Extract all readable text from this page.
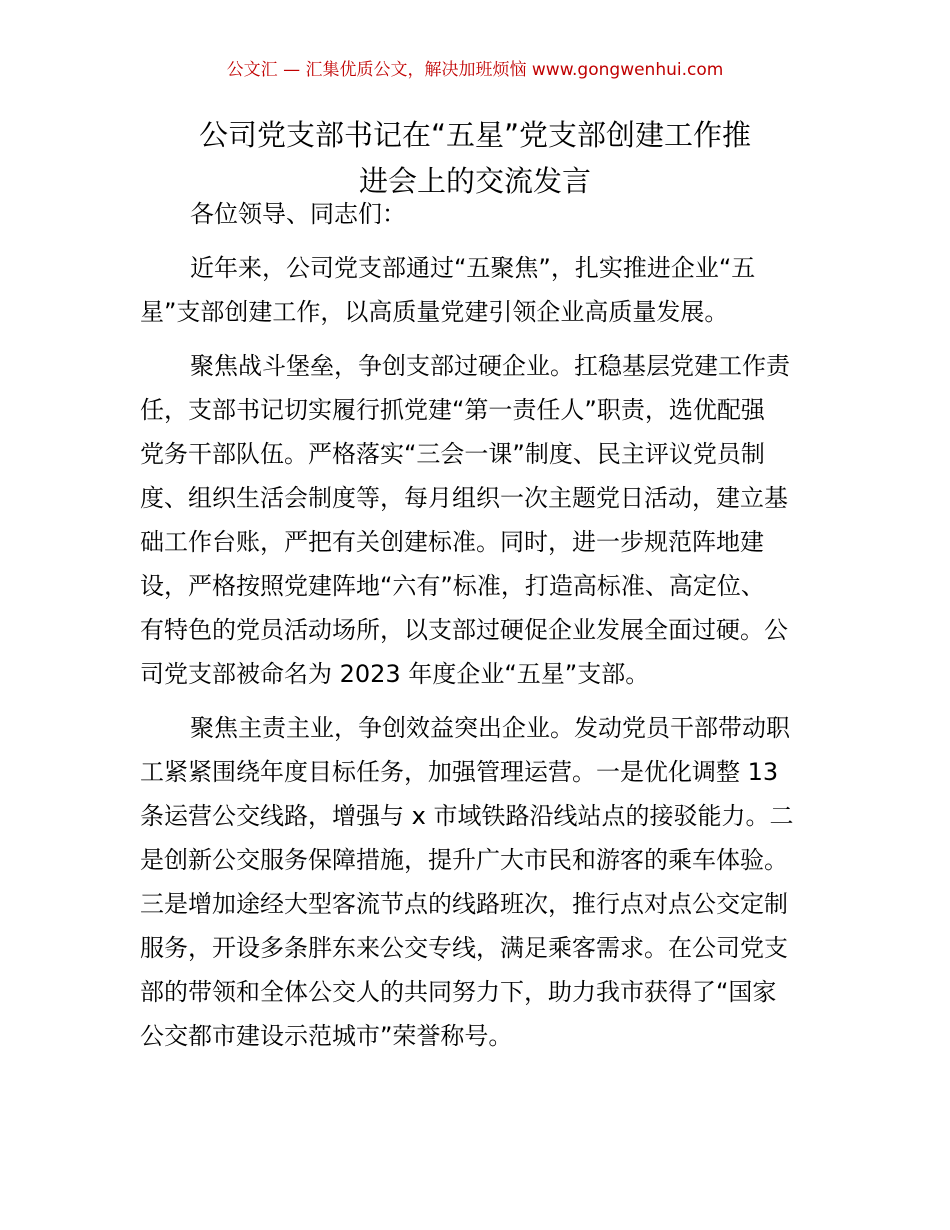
公文汇 — 汇集优质公文，解决加班烦恼 www.gongwenhui.com
公司党支部书记在“五星”党支部创建工作推
进会上的交流发言

各位领导、同志们：

近年来，公司党支部通过“五聚焦”，扎实推进企业“五
星”支部创建工作，以高质量党建引领企业高质量发展。

聚焦战斗堡垒，争创支部过硬企业。扛稳基层党建工作责
任，支部书记切实履行抓党建“第一责任人”职责，选优配强
党务干部队伍。严格落实“三会一课”制度、民主评议党员制
度、组织生活会制度等，每月组织一次主题党日活动，建立基
础工作台账，严把有关创建标准。同时，进一步规范阵地建
设，严格按照党建阵地“六有”标准，打造高标准、高定位、
有特色的党员活动场所，以支部过硬促企业发展全面过硬。公
司党支部被命名为 2023 年度企业“五星”支部。

聚焦主责主业，争创效益突出企业。发动党员干部带动职
工紧紧围绕年度目标任务，加强管理运营。一是优化调整 13
条运营公交线路，增强与 x 市域铁路沿线站点的接驳能力。二
是创新公交服务保障措施，提升广大市民和游客的乘车体验。
三是增加途经大型客流节点的线路班次，推行点对点公交定制
服务，开设多条胖东来公交专线，满足乘客需求。在公司党支
部的带领和全体公交人的共同努力下，助力我市获得了“国家
公交都市建设示范城市”荣誉称号。
